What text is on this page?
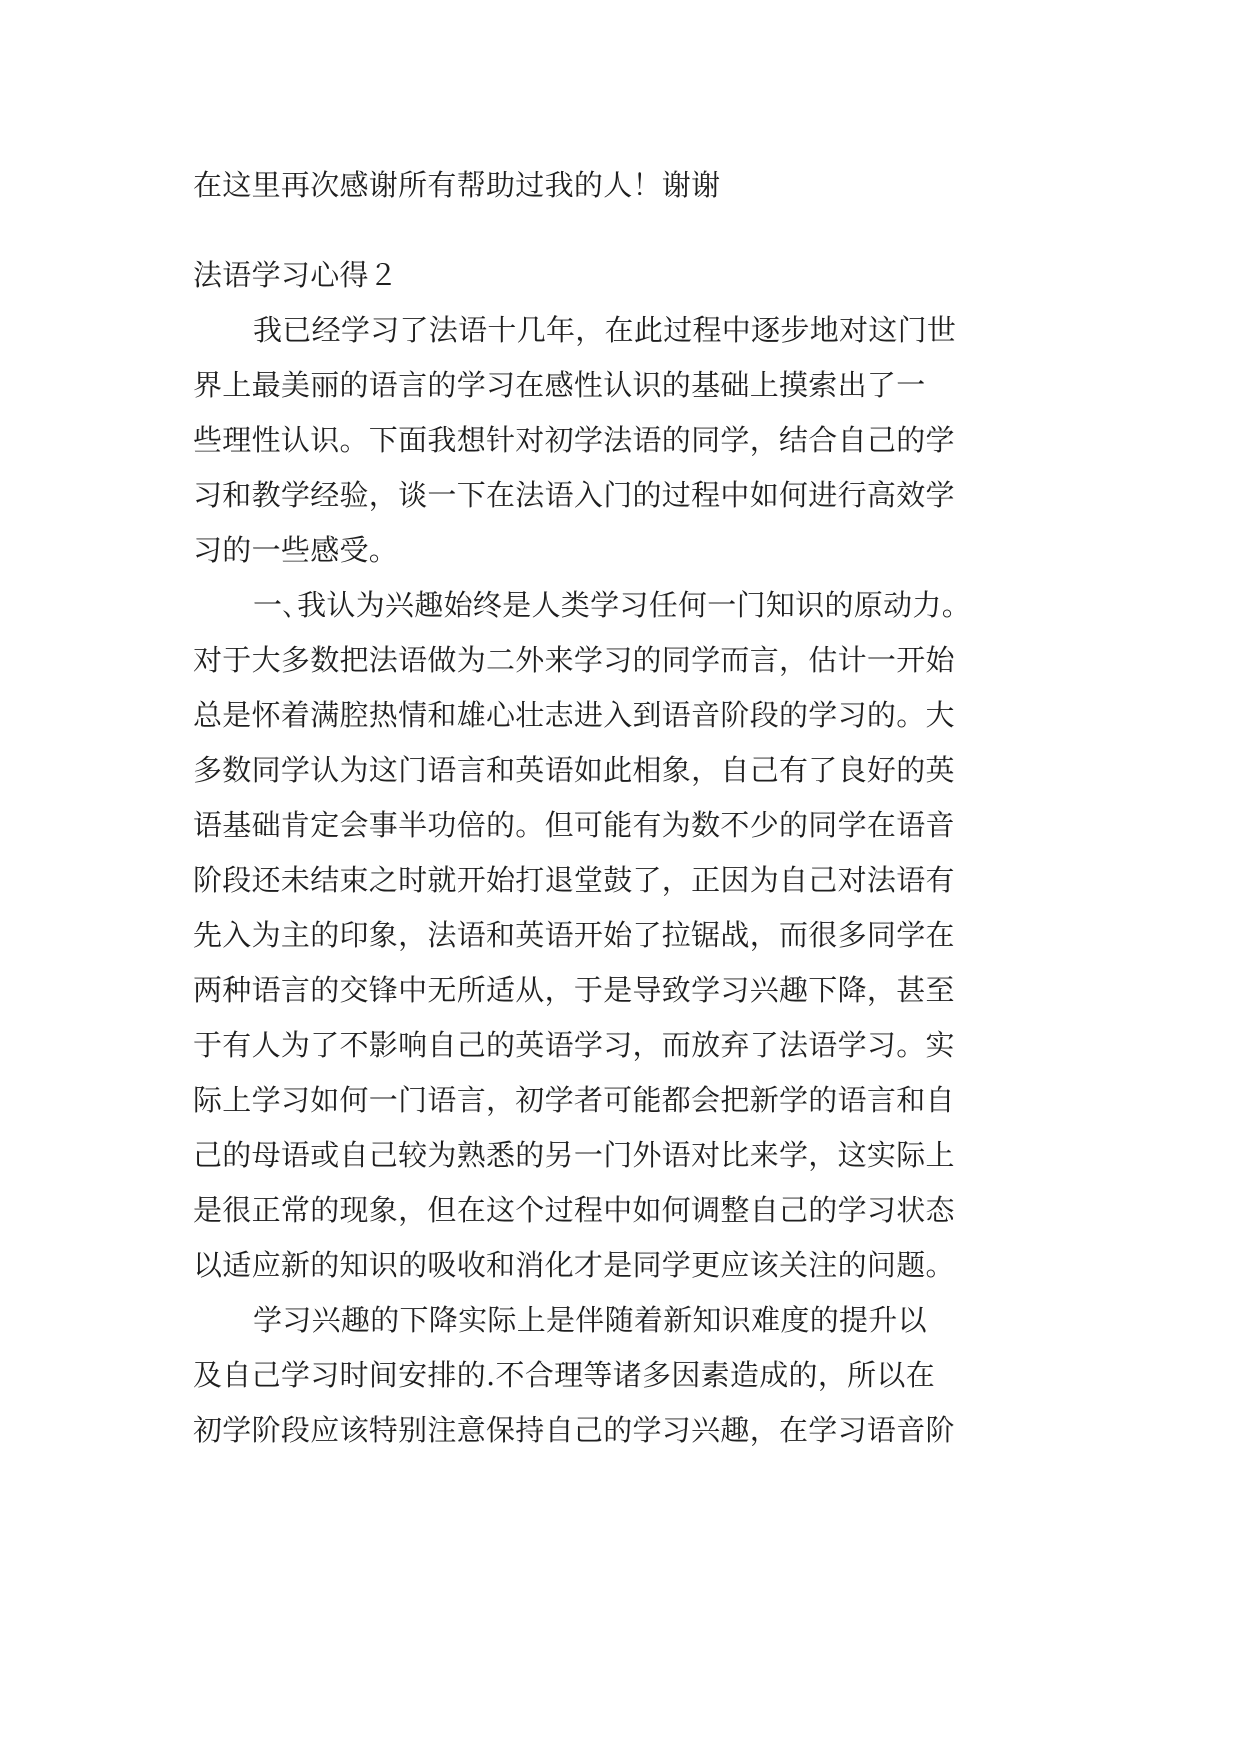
在这里再次感谢所有帮助过我的人！谢谢
法语学习心得２
我已经学习了法语十几年，在此过程中逐步地对这门世
界上最美丽的语言的学习在感性认识的基础上摸索出了一
些理性认识。下面我想针对初学法语的同学，结合自己的学
习和教学经验，谈一下在法语入门的过程中如何进行高效学
习的一些感受。
一､我认为兴趣始终是人类学习任何一门知识的原动力。
对于大多数把法语做为二外来学习的同学而言，估计一开始
总是怀着满腔热情和雄心壮志进入到语音阶段的学习的。大
多数同学认为这门语言和英语如此相象，自己有了良好的英
语基础肯定会事半功倍的。但可能有为数不少的同学在语音
阶段还未结束之时就开始打退堂鼓了，正因为自己对法语有
先入为主的印象，法语和英语开始了拉锯战，而很多同学在
两种语言的交锋中无所适从，于是导致学习兴趣下降，甚至
于有人为了不影响自己的英语学习，而放弃了法语学习。实
际上学习如何一门语言，初学者可能都会把新学的语言和自
己的母语或自己较为熟悉的另一门外语对比来学，这实际上
是很正常的现象，但在这个过程中如何调整自己的学习状态
以适应新的知识的吸收和消化才是同学更应该关注的问题。
学习兴趣的下降实际上是伴随着新知识难度的提升以
及自己学习时间安排的.不合理等诸多因素造成的，所以在
初学阶段应该特别注意保持自己的学习兴趣，在学习语音阶
